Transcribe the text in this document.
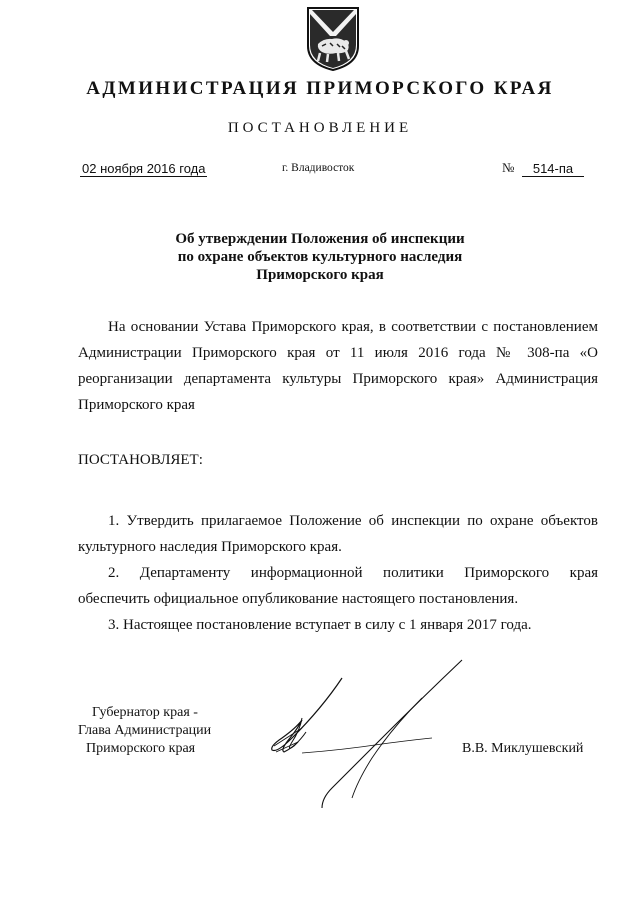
АДМИНИСТРАЦИЯ ПРИМОРСКОГО КРАЯ
ПОСТАНОВЛЕНИЕ
02 ноября 2016 года	г. Владивосток	№	514-па
Об утверждении Положения об инспекции
по охране объектов культурного наследия
Приморского края
На основании Устава Приморского края, в соответствии с постановлением
Администрации Приморского края от 11 июля 2016 года № 308-па «О
реорганизации департамента культуры Приморского края» Администрация
Приморского края
ПОСТАНОВЛЯЕТ:
1. Утвердить прилагаемое Положение об инспекции по охране объектов
культурного наследия Приморского края.
2. Департаменту информационной политики Приморского края
обеспечить официальное опубликование настоящего постановления.
3. Настоящее постановление вступает в силу с 1 января 2017 года.
Губернатор края -
Глава Администрации
Приморского края	В.В. Миклушевский
